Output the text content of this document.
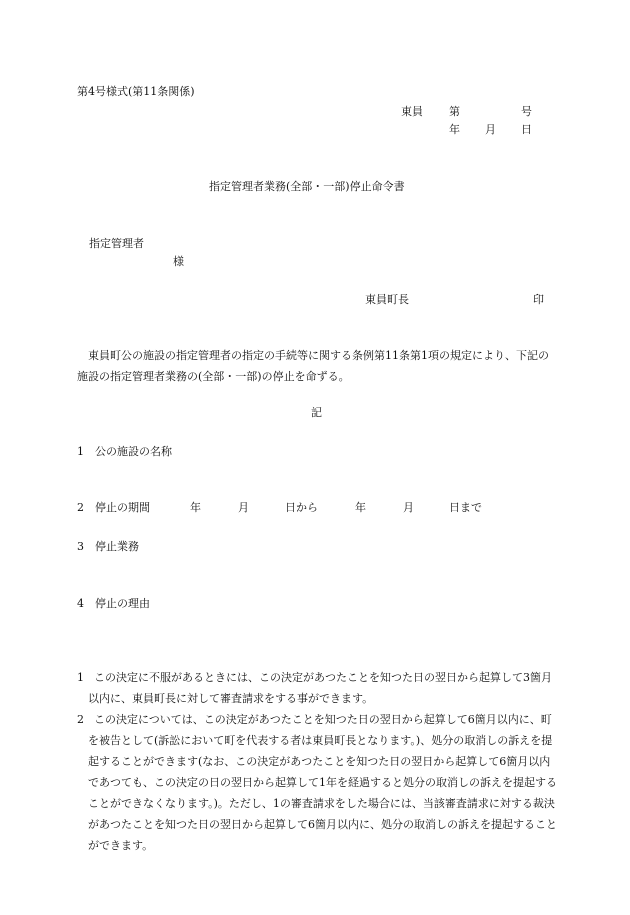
第4号様式(第11条関係)
東員 第	号
年 月 日
指定管理者業務(全部・一部)停止命令書
指定管理者
様
東員町長	印
東員町公の施設の指定管理者の指定の手続等に関する条例第11条第1項の規定により、下記の施設の指定管理者業務の(全部・一部)の停止を命ずる。
記
1 公の施設の名称
2 停止の期間	年	月	日から	年	月	日まで
3 停止業務
4 停止の理由
1 この決定に不服があるときには、この決定があつたことを知つた日の翌日から起算して3箇月以内に、東員町長に対して審査請求をする事ができます。
2 この決定については、この決定があつたことを知つた日の翌日から起算して6箇月以内に、町を被告として(訴訟において町を代表する者は東員町長となります。)、処分の取消しの訴えを提起することができます(なお、この決定があつたことを知つた日の翌日から起算して6箇月以内であつても、この決定の日の翌日から起算して1年を経過すると処分の取消しの訴えを提起することができなくなります。)。ただし、1の審査請求をした場合には、当該審査請求に対する裁決があつたことを知つた日の翌日から起算して6箇月以内に、処分の取消しの訴えを提起することができます。
